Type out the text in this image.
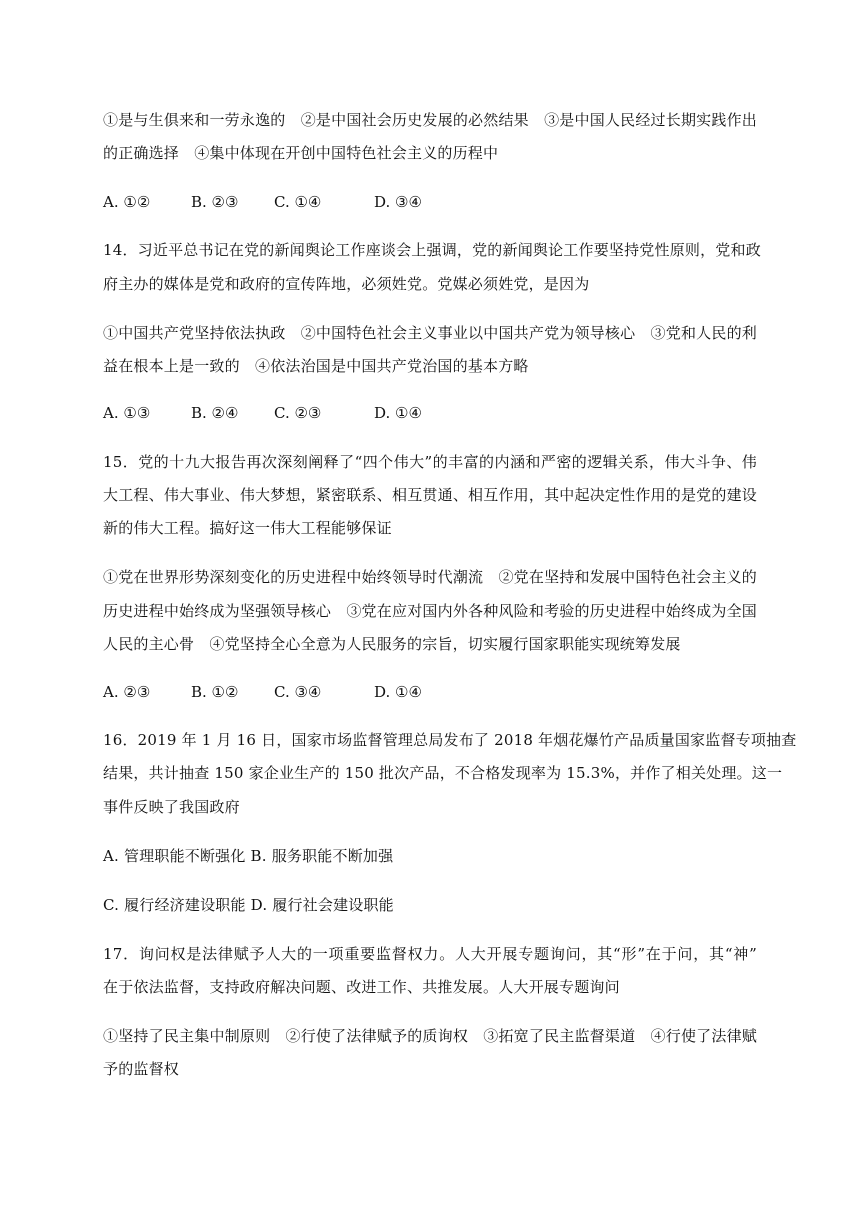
①是与生俱来和一劳永逸的　②是中国社会历史发展的必然结果　③是中国人民经过长期实践作出
的正确选择　④集中体现在开创中国特色社会主义的历程中
A. ①②	B. ②③ C. ①④	D. ③④
14．习近平总书记在党的新闻舆论工作座谈会上强调，党的新闻舆论工作要坚持党性原则，党和政
府主办的媒体是党和政府的宣传阵地，必须姓党。党媒必须姓党，是因为
①中国共产党坚持依法执政　②中国特色社会主义事业以中国共产党为领导核心　③党和人民的利
益在根本上是一致的　④依法治国是中国共产党治国的基本方略
A. ①③	B. ②④ C. ②③	D. ①④
15．党的十九大报告再次深刻阐释了“四个伟大”的丰富的内涵和严密的逻辑关系，伟大斗争、伟
大工程、伟大事业、伟大梦想，紧密联系、相互贯通、相互作用，其中起决定性作用的是党的建设
新的伟大工程。搞好这一伟大工程能够保证
①党在世界形势深刻变化的历史进程中始终领导时代潮流　②党在坚持和发展中国特色社会主义的
历史进程中始终成为坚强领导核心　③党在应对国内外各种风险和考验的历史进程中始终成为全国
人民的主心骨　④党坚持全心全意为人民服务的宗旨，切实履行国家职能实现统筹发展
A. ②③	B. ①② C. ③④	D. ①④
16．2019 年 1 月 16 日，国家市场监督管理总局发布了 2018 年烟花爆竹产品质量国家监督专项抽查
结果，共计抽查 150 家企业生产的 150 批次产品，不合格发现率为 15.3%，并作了相关处理。这一
事件反映了我国政府
A. 管理职能不断强化 B. 服务职能不断加强
C. 履行经济建设职能 D. 履行社会建设职能
17．询问权是法律赋予人大的一项重要监督权力。人大开展专题询问，其“形”在于问，其“神”
在于依法监督，支持政府解决问题、改进工作、共推发展。人大开展专题询问
①坚持了民主集中制原则　②行使了法律赋予的质询权　③拓宽了民主监督渠道　④行使了法律赋
予的监督权
